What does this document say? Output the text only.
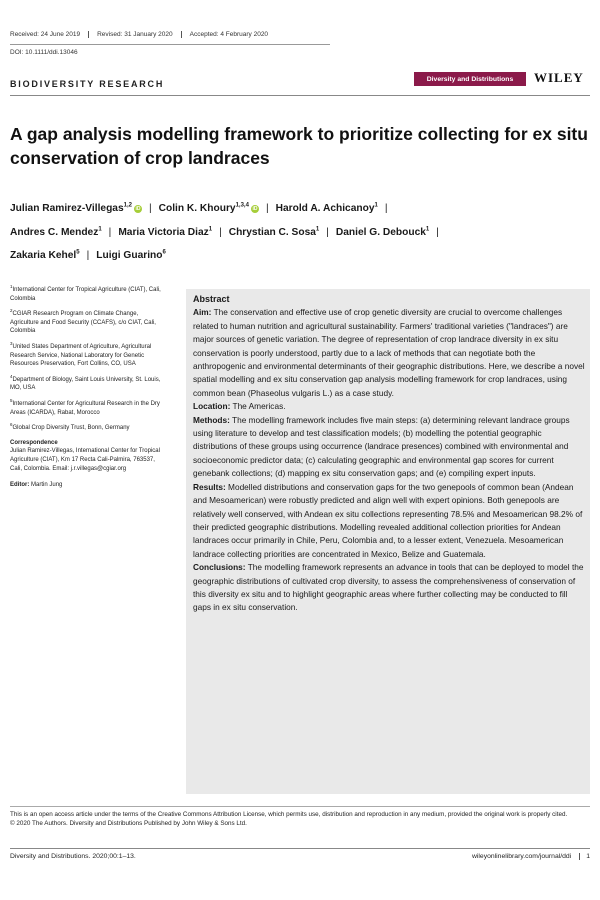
Received: 24 June 2019	Revised: 31 January 2020	Accepted: 4 February 2020
DOI: 10.1111/ddi.13046
BIODIVERSITY RESEARCH	Diversity and Distributions	WILEY
A gap analysis modelling framework to prioritize collecting for ex situ conservation of crop landraces
Julian Ramirez-Villegas$^{1,2}$ iD | Colin K. Khoury$^{1,3,4}$ iD | Harold A. Achicanoy$^1$ |
Andres C. Mendez$^1$ | Maria Victoria Diaz$^1$ | Chrystian C. Sosa$^1$ | Daniel G. Debouck$^1$ |
Zakaria Kehel$^5$ | Luigi Guarino$^6$
$^1$International Center for Tropical Agriculture (CIAT), Cali, Colombia
$^2$CGIAR Research Program on Climate Change, Agriculture and Food Security (CCAFS), c/o CIAT, Cali, Colombia
$^3$United States Department of Agriculture, Agricultural Research Service, National Laboratory for Genetic Resources Preservation, Fort Collins, CO, USA
$^4$Department of Biology, Saint Louis University, St. Louis, MO, USA
$^5$International Center for Agricultural Research in the Dry Areas (ICARDA), Rabat, Morocco
$^6$Global Crop Diversity Trust, Bonn, Germany
Correspondence
Julian Ramirez-Villegas, International Center for Tropical Agriculture (CIAT), Km 17 Recta Cali-Palmira, 763537, Cali, Colombia. Email: j.r.villegas@cgiar.org
Editor: Martin Jung

Abstract

Aim: The conservation and effective use of crop genetic diversity are crucial to overcome challenges related to human nutrition and agricultural sustainability. Farmers' traditional varieties ("landraces") are major sources of genetic variation. The degree of representation of crop landrace diversity in ex situ conservation is poorly understood, partly due to a lack of methods that can negotiate both the anthropogenic and environmental determinants of their geographic distributions. Here, we describe a novel spatial modelling and ex situ conservation gap analysis modelling framework for crop landraces, using common bean (Phaseolus vulgaris L.) as a case study.

Location: The Americas.

Methods: The modelling framework includes five main steps: (a) determining relevant landrace groups using literature to develop and test classification models; (b) modelling the potential geographic distributions of these groups using occurrence (landrace presences) combined with environmental and socioeconomic predictor data; (c) calculating geographic and environmental gap scores for current genebank collections; (d) mapping ex situ conservation gaps; and (e) compiling expert inputs.

Results: Modelled distributions and conservation gaps for the two genepools of common bean (Andean and Mesoamerican) were robustly predicted and align well with expert opinions. Both genepools are relatively well conserved, with Andean ex situ collections representing 78.5% and Mesoamerican 98.2% of their predicted geographic distributions. Modelling revealed additional collection priorities for Andean landraces occur primarily in Chile, Peru, Colombia and, to a lesser extent, Venezuela. Mesoamerican landrace collecting priorities are concentrated in Mexico, Belize and Guatemala.

Conclusions: The modelling framework represents an advance in tools that can be deployed to model the geographic distributions of cultivated crop diversity, to assess the comprehensiveness of conservation of this diversity ex situ and to highlight geographic areas where further collecting may be conducted to fill gaps in ex situ conservation.

This is an open access article under the terms of the Creative Commons Attribution License, which permits use, distribution and reproduction in any medium, provided the original work is properly cited.
© 2020 The Authors. Diversity and Distributions Published by John Wiley & Sons Ltd.
Diversity and Distributions. 2020;00:1–13.	wileyonlinelibrary.com/journal/ddi 1
